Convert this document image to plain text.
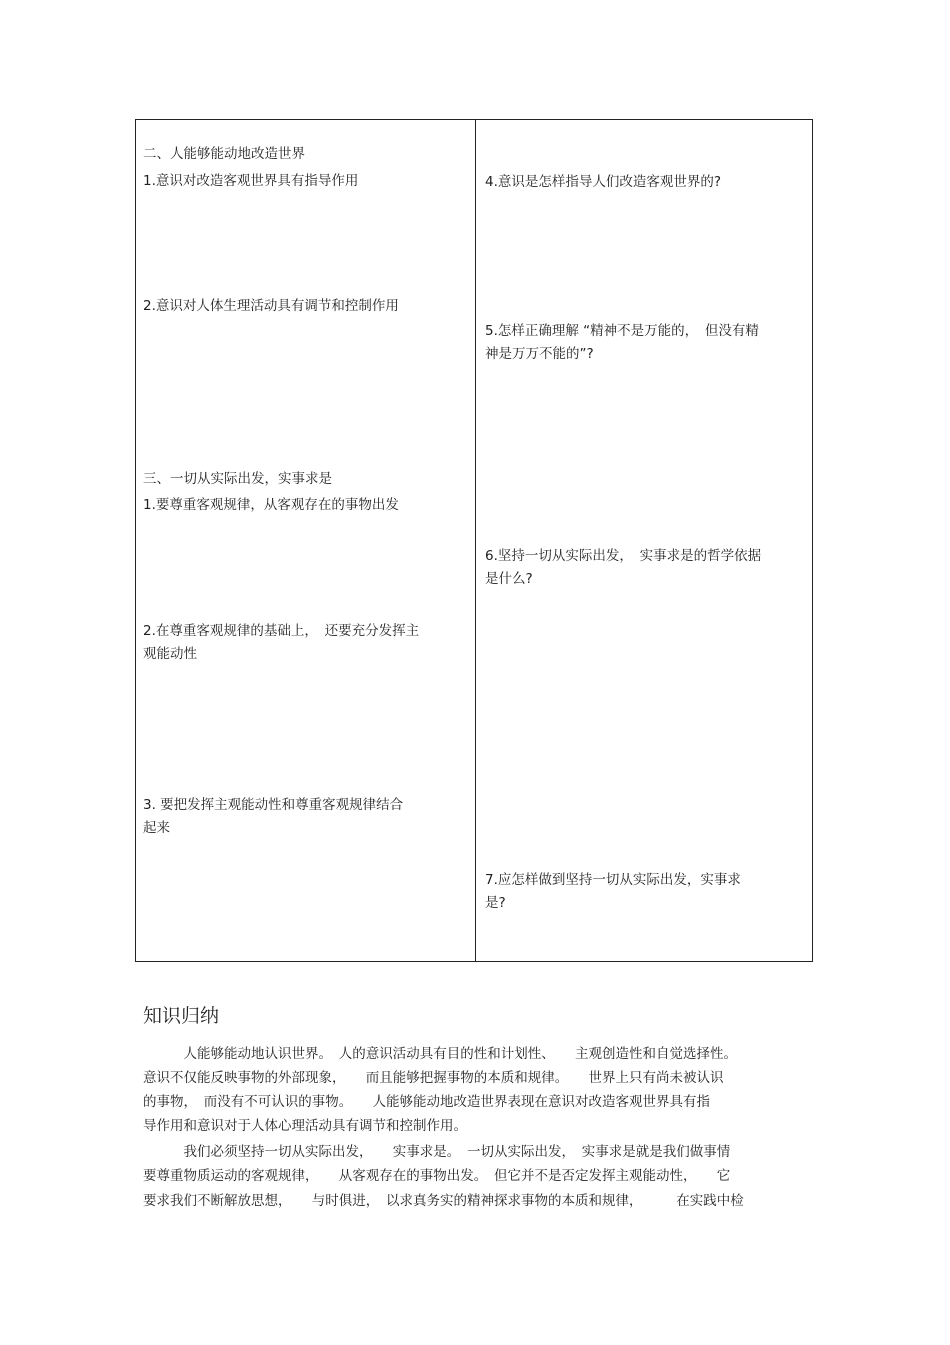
二、人能够能动地改造世界
1.意识对改造客观世界具有指导作用
2.意识对人体生理活动具有调节和控制作用
三、一切从实际出发，实事求是
1.要尊重客观规律，从客观存在的事物出发
2.在尊重客观规律的基础上，　还要充分发挥主
观能动性
3. 要把发挥主观能动性和尊重客观规律结合
起来
4.意识是怎样指导人们改造客观世界的?
5.怎样正确理解 “精神不是万能的，　但没有精
神是万万不能的”?
6.坚持一切从实际出发，　实事求是的哲学依据
是什么?
7.应怎样做到坚持一切从实际出发，实事求
是?
知识归纳
　　　人能够能动地认识世界。　人的意识活动具有目的性和计划性、　　主观创造性和自觉选择性。
意识不仅能反映事物的外部现象，　　而且能够把握事物的本质和规律。　　世界上只有尚未被认识
的事物，　而没有不可认识的事物。　　人能够能动地改造世界表现在意识对改造客观世界具有指
导作用和意识对于人体心理活动具有调节和控制作用。
　　　我们必须坚持一切从实际出发，　　实事求是。　一切从实际出发，　实事求是就是我们做事情
要尊重物质运动的客观规律，　　从客观存在的事物出发。　但它并不是否定发挥主观能动性，　　它
要求我们不断解放思想，　　与时俱进，　以求真务实的精神探求事物的本质和规律，　　　在实践中检
